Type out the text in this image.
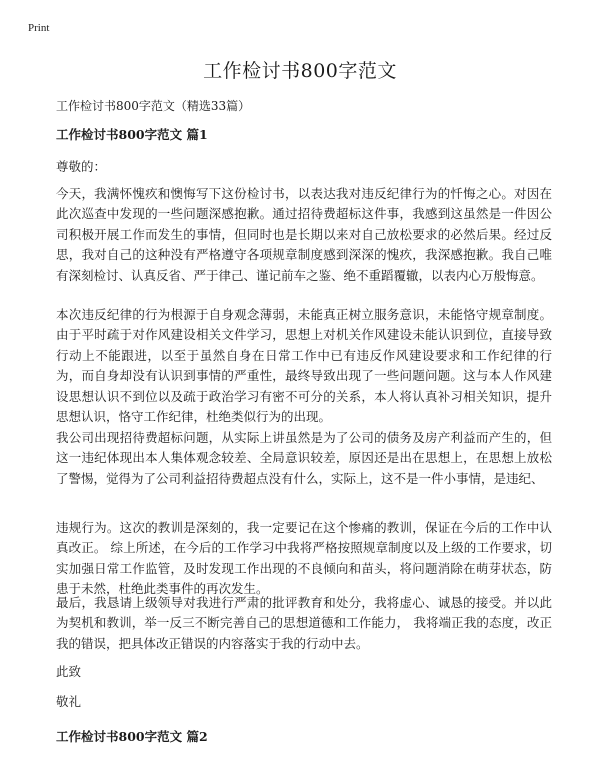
Print
工作检讨书800字范文
工作检讨书800字范文（精选33篇）
工作检讨书800字范文 篇1
尊敬的：

今天，我满怀愧疚和懊悔写下这份检讨书，以表达我对违反纪律行为的忏悔之心。对因在此次巡查中发现的一些问题深感抱歉。通过招待费超标这件事，我感到这虽然是一件因公司积极开展工作而发生的事情，但同时也是长期以来对自己放松要求的必然后果。经过反思，我对自己的这种没有严格遵守各项规章制度感到深深的愧疚，我深感抱歉。我自己唯有深刻检讨、认真反省、严于律己、谨记前车之鉴、绝不重蹈覆辙，以表内心万般悔意。

本次违反纪律的行为根源于自身观念薄弱，未能真正树立服务意识，未能恪守规章制度。由于平时疏于对作风建设相关文件学习，思想上对机关作风建设未能认识到位，直接导致行动上不能跟进，以至于虽然自身在日常工作中已有违反作风建设要求和工作纪律的行为，而自身却没有认识到事情的严重性，最终导致出现了一些问题问题。这与本人作风建设思想认识不到位以及疏于政治学习有密不可分的关系，本人将认真补习相关知识，提升思想认识，恪守工作纪律，杜绝类似行为的出现。

我公司出现招待费超标问题，从实际上讲虽然是为了公司的债务及房产利益而产生的，但这一违纪体现出本人集体观念较差、全局意识较差，原因还是出在思想上，在思想上放松了警惕，觉得为了公司利益招待费超点没有什么，实际上，这不是一件小事情，是违纪、

违规行为。这次的教训是深刻的，我一定要记在这个惨痛的教训，保证在今后的工作中认真改正。 综上所述，在今后的工作学习中我将严格按照规章制度以及上级的工作要求，切实加强日常工作监管，及时发现工作出现的不良倾向和苗头，将问题消除在萌芽状态，防患于未然，杜绝此类事件的再次发生。

最后，我恳请上级领导对我进行严肃的批评教育和处分，我将虚心、诚恳的接受。并以此为契机和教训，举一反三不断完善自己的思想道德和工作能力， 我将端正我的态度，改正我的错误，把具体改正错误的内容落实于我的行动中去。

此致
敬礼
工作检讨书800字范文 篇2
